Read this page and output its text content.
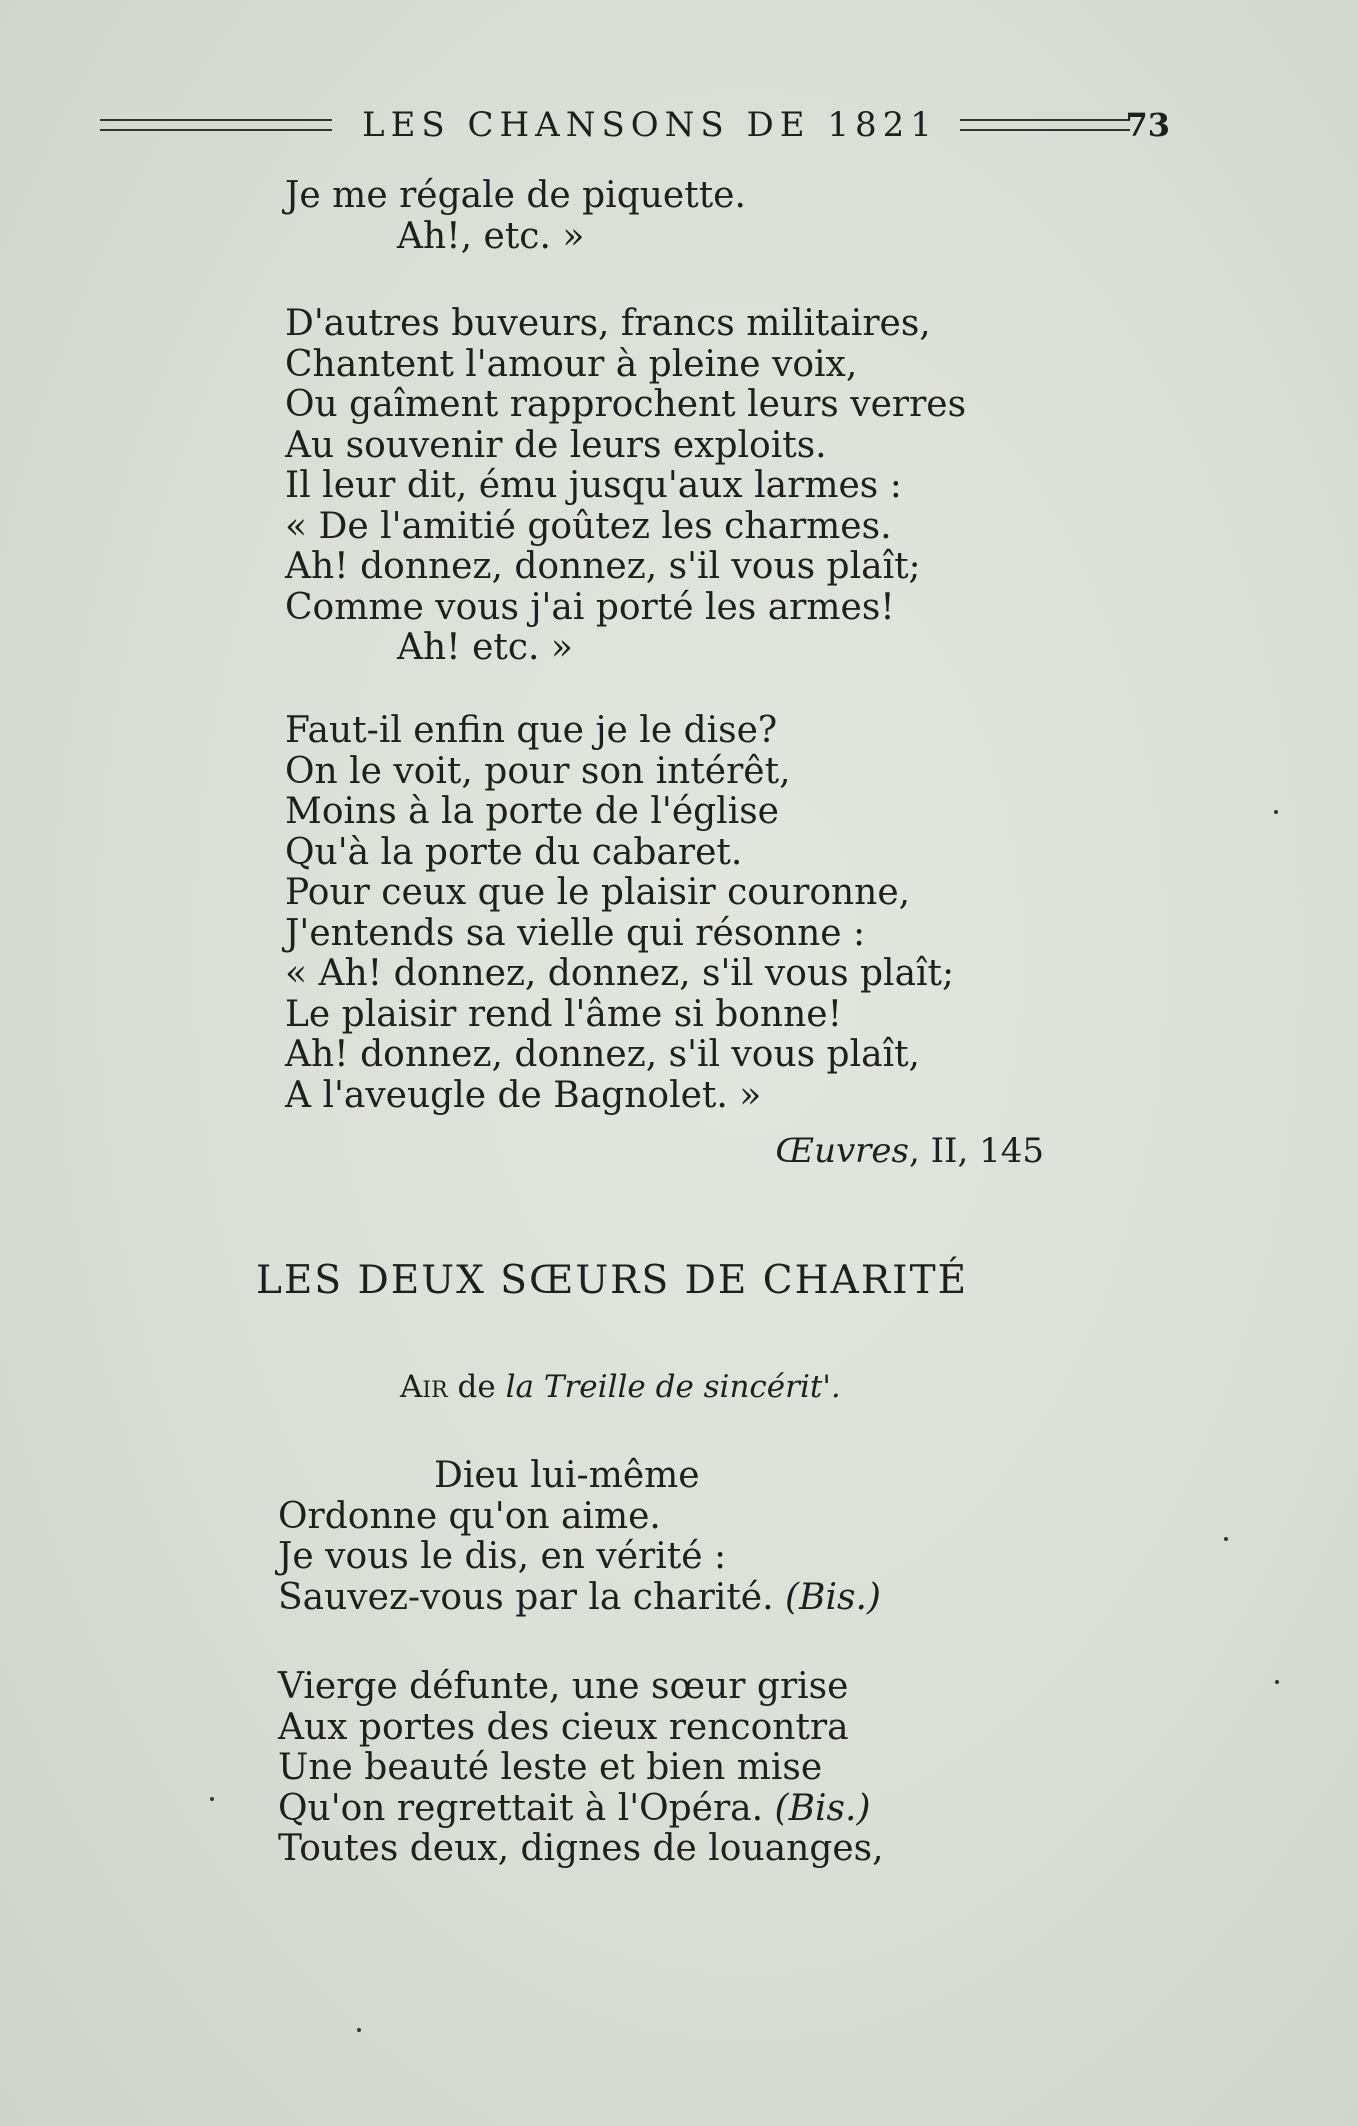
LES CHANSONS DE 1821	73
Je me régale de piquette.
Ah!, etc. »
D'autres buveurs, francs militaires,
Chantent l'amour à pleine voix,
Ou gaîment rapprochent leurs verres
Au souvenir de leurs exploits.
Il leur dit, ému jusqu'aux larmes :
« De l'amitié goûtez les charmes.
Ah! donnez, donnez, s'il vous plaît;
Comme vous j'ai porté les armes!
Ah! etc. »
Faut-il enfin que je le dise?
On le voit, pour son intérêt,
Moins à la porte de l'église
Qu'à la porte du cabaret.
Pour ceux que le plaisir couronne,
J'entends sa vielle qui résonne :
« Ah! donnez, donnez, s'il vous plaît;
Le plaisir rend l'âme si bonne!
Ah! donnez, donnez, s'il vous plaît,
A l'aveugle de Bagnolet. »
Œuvres, II, 145
LES DEUX SŒURS DE CHARITÉ
Air de la Treille de sincérit'.
Dieu lui-même
Ordonne qu'on aime.
Je vous le dis, en vérité :
Sauvez-vous par la charité. (Bis.)
Vierge défunte, une sœur grise
Aux portes des cieux rencontra
Une beauté leste et bien mise
Qu'on regrettait à l'Opéra. (Bis.)
Toutes deux, dignes de louanges,
